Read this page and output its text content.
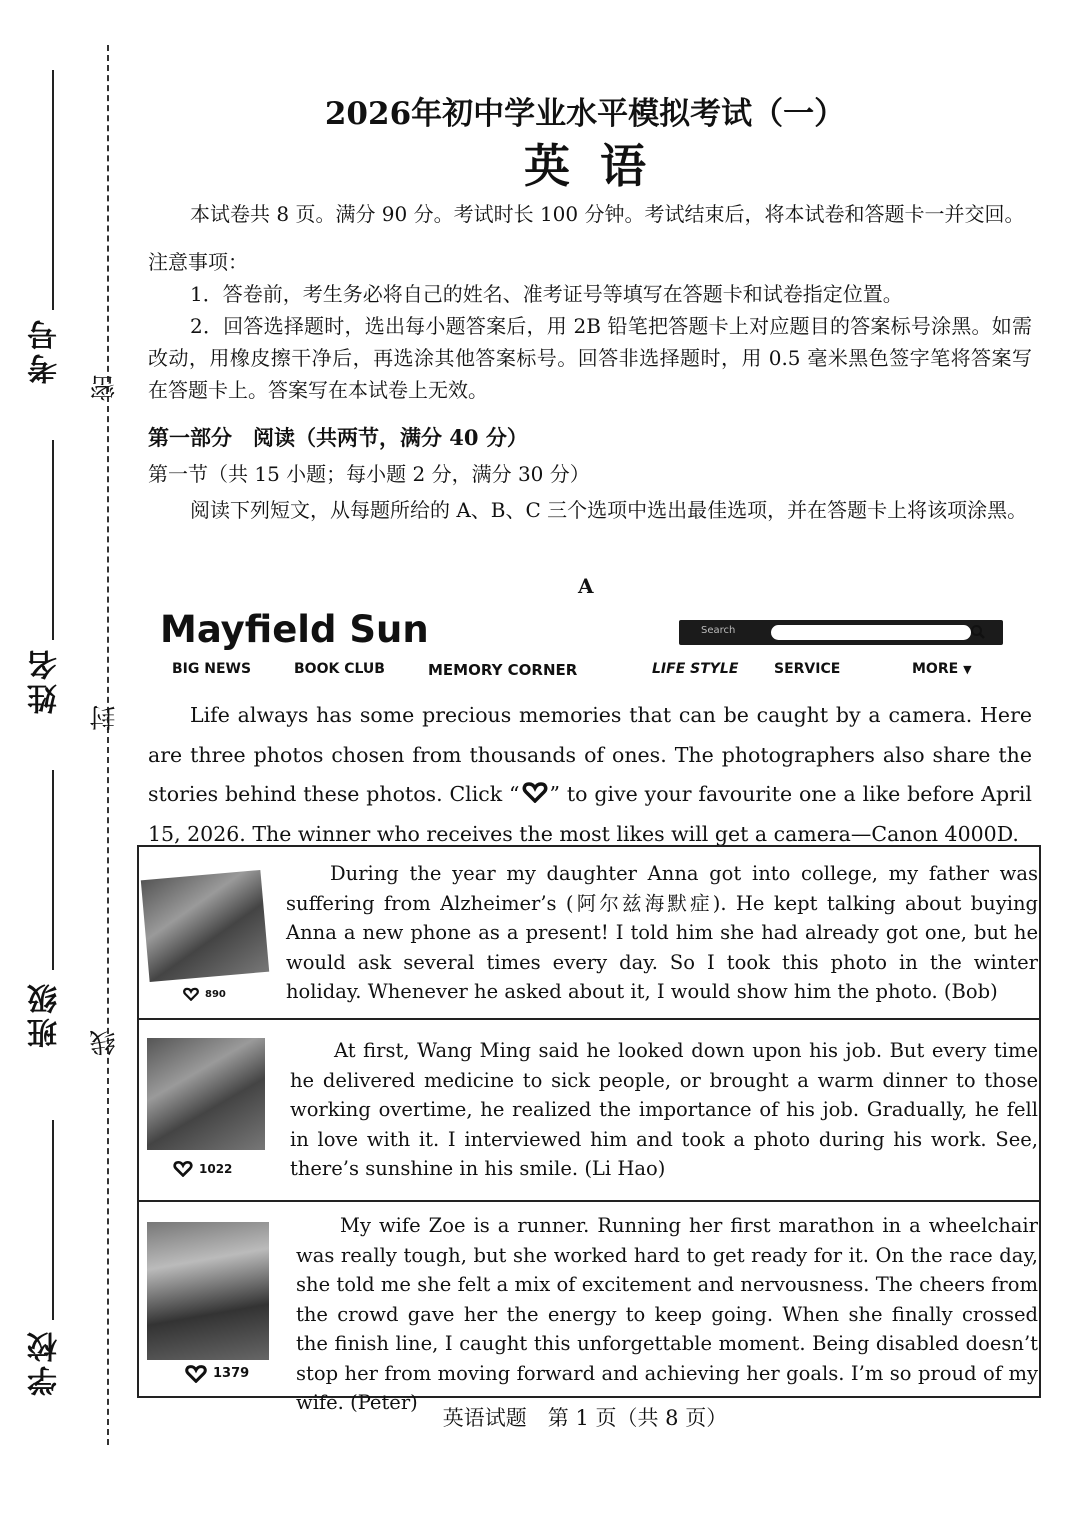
考号
姓名
班级
学校
密
封
线
2026年初中学业水平模拟考试（一）
英语
本试卷共 8 页。满分 90 分。考试时长 100 分钟。考试结束后，将本试卷和答题卡一并交回。
注意事项：
1．答卷前，考生务必将自己的姓名、准考证号等填写在答题卡和试卷指定位置。
2．回答选择题时，选出每小题答案后，用 2B 铅笔把答题卡上对应题目的答案标号涂黑。如需改动，用橡皮擦干净后，再选涂其他答案标号。回答非选择题时，用 0.5 毫米黑色签字笔将答案写在答题卡上。答案写在本试卷上无效。
第一部分　阅读（共两节，满分 40 分）
第一节（共 15 小题；每小题 2 分，满分 30 分）
阅读下列短文，从每题所给的 A、B、C 三个选项中选出最佳选项，并在答题卡上将该项涂黑。
A
Mayfield Sun	Search
BIG NEWS	BOOK CLUB	MEMORY CORNER	LIFE STYLE	SERVICE	MORE ▼
Life always has some precious memories that can be caught by a camera. Here are three photos chosen from thousands of ones. The photographers also share the stories behind these photos. Click “ ” to give your favourite one a like before April 15, 2026. The winner who receives the most likes will get a camera—Canon 4000D.
890
During the year my daughter Anna got into college, my father was suffering from Alzheimer’s (阿尔兹海默症). He kept talking about buying Anna a new phone as a present! I told him she had already got one, but he would ask several times every day. So I took this photo in the winter holiday. Whenever he asked about it, I would show him the photo. (Bob)
1022
At first, Wang Ming said he looked down upon his job. But every time he delivered medicine to sick people, or brought a warm dinner to those working overtime, he realized the importance of his job. Gradually, he fell in love with it. I interviewed him and took a photo during his work. See, there’s sunshine in his smile. (Li Hao)
1379
My wife Zoe is a runner. Running her first marathon in a wheelchair was really tough, but she worked hard to get ready for it. On the race day, she told me she felt a mix of excitement and nervousness. The cheers from the crowd gave her the energy to keep going. When she finally crossed the finish line, I caught this unforgettable moment. Being disabled doesn’t stop her from moving forward and achieving her goals. I’m so proud of my wife. (Peter)
英语试题　第 1 页（共 8 页）
